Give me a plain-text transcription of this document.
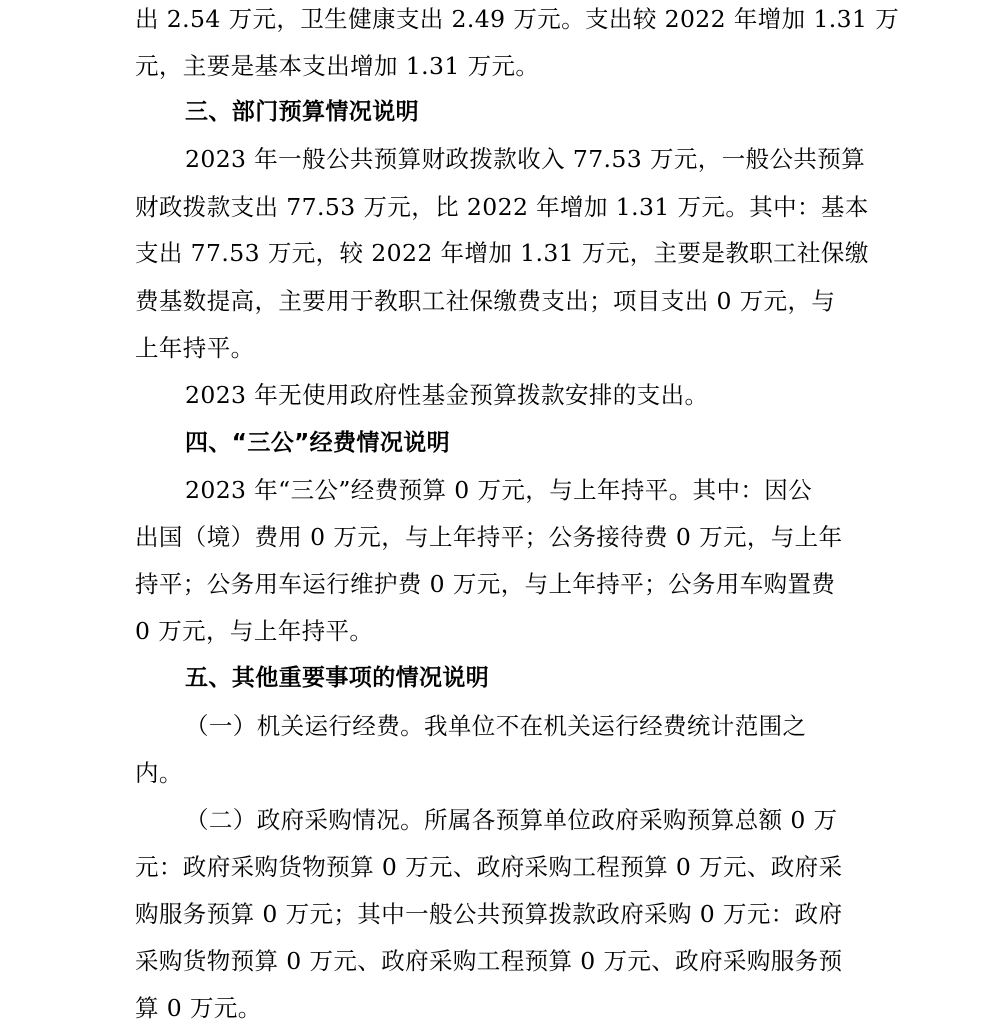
出 2.54 万元，卫生健康支出 2.49 万元。支出较 2022 年增加 1.31 万
元，主要是基本支出增加 1.31 万元。
三、部门预算情况说明
2023 年一般公共预算财政拨款收入 77.53 万元，一般公共预算
财政拨款支出 77.53 万元，比 2022 年增加 1.31 万元。其中：基本
支出 77.53 万元，较 2022 年增加 1.31 万元，主要是教职工社保缴
费基数提高，主要用于教职工社保缴费支出；项目支出 0 万元，与
上年持平。
2023 年无使用政府性基金预算拨款安排的支出。
四、“三公”经费情况说明
2023 年“三公”经费预算 0 万元，与上年持平。其中：因公
出国（境）费用 0 万元，与上年持平；公务接待费 0 万元，与上年
持平；公务用车运行维护费 0 万元，与上年持平；公务用车购置费
0 万元，与上年持平。
五、其他重要事项的情况说明
（一）机关运行经费。我单位不在机关运行经费统计范围之
内。
（二）政府采购情况。所属各预算单位政府采购预算总额 0 万
元：政府采购货物预算 0 万元、政府采购工程预算 0 万元、政府采
购服务预算 0 万元；其中一般公共预算拨款政府采购 0 万元：政府
采购货物预算 0 万元、政府采购工程预算 0 万元、政府采购服务预
算 0 万元。
